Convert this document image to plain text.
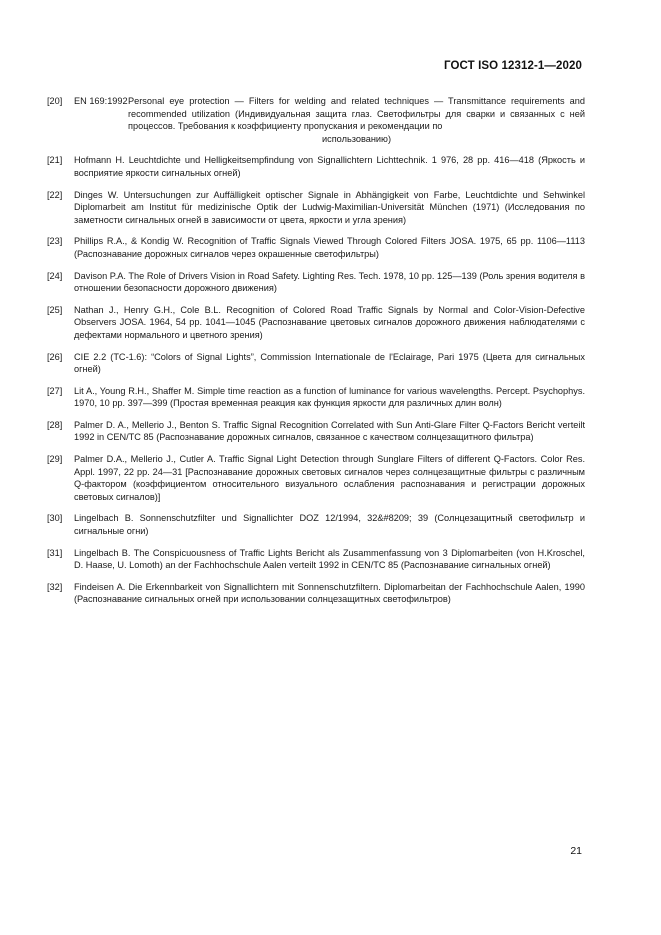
ГОСТ ISO 12312-1—2020
[20]	EN 169:1992 Personal eye protection — Filters for welding and related techniques — Transmittance requirements and recommended utilization (Индивидуальная защита глаз. Светофильтры для сварки и связанных с ней процессов. Требования к коэффициенту пропускания и рекомендации по
использованию)
[21] Hofmann H. Leuchtdichte und Helligkeitsempfindung von Signallichtern Lichttechnik. 1 976, 28 pp. 416—418 (Яркость и восприятие яркости сигнальных огней)
[22] Dinges W. Untersuchungen zur Auffälligkeit optischer Signale in Abhängigkeit von Farbe, Leuchtdichte und Sehwinkel Diplomarbeit am Institut für medizinische Optik der Ludwig-Maximilian-Universität München (1971) (Исследования по заметности сигнальных огней в зависимости от цвета, яркости и угла зрения)
[23] Phillips R.A., & Kondig W. Recognition of Traffic Signals Viewed Through Colored Filters JOSA. 1975, 65 pp. 1106—1113 (Распознавание дорожных сигналов через окрашенные светофильтры)
[24] Davison P.A. The Role of Drivers Vision in Road Safety. Lighting Res. Tech. 1978, 10 pp. 125—139 (Роль зрения водителя в отношении безопасности дорожного движения)
[25] Nathan J., Henry G.H., Cole B.L. Recognition of Colored Road Traffic Signals by Normal and Color-Vision-Defective Observers JOSA. 1964, 54 pp. 1041—1045 (Распознавание цветовых сигналов дорожного движения наблюдателями с дефектами нормального и цветного зрения)
[26] CIE 2.2 (TC-1.6): “Colors of Signal Lights”, Commission Internationale de l'Eclairage, Pari 1975 (Цвета для сигнальных огней)
[27] Lit A., Young R.H., Shaffer M. Simple time reaction as a function of luminance for various wavelengths. Percept. Psychophys. 1970, 10 pp. 397—399 (Простая временная реакция как функция яркости для различных длин волн)
[28] Palmer D. A., Mellerio J., Benton S. Traffic Signal Recognition Correlated with Sun Anti-Glare Filter Q-Factors Bericht verteilt 1992 in CEN/TC 85 (Распознавание дорожных сигналов, связанное с качеством солнцезащитного фильтра)
[29] Palmer D.A., Mellerio J., Cutler A. Traffic Signal Light Detection through Sunglare Filters of different Q-Factors. Color Res. Appl. 1997, 22 pp. 24—31 [Распознавание дорожных световых сигналов через солнцезащитные фильтры с различным Q-фактором (коэффициентом относительного визуального ослабления распознавания и регистрации дорожных световых сигналов)]
[30] Lingelbach B. Sonnenschutzfilter und Signallichter DOZ 12/1994, 32&#8209; 39 (Солнцезащитный светофильтр и сигнальные огни)
[31] Lingelbach B. The Conspicuousness of Traffic Lights Bericht als Zusammenfassung von 3 Diplomarbeiten (von H.Kroschel, D. Haase, U. Lomoth) an der Fachhochschule Aalen verteilt 1992 in CEN/TC 85 (Распознавание сигнальных огней)
[32] Findeisen A. Die Erkennbarkeit von Signallichtern mit Sonnenschutzfiltern. Diplomarbeitan der Fachhochschule Aalen, 1990 (Распознавание сигнальных огней при использовании солнцезащитных светофильтров)
21
